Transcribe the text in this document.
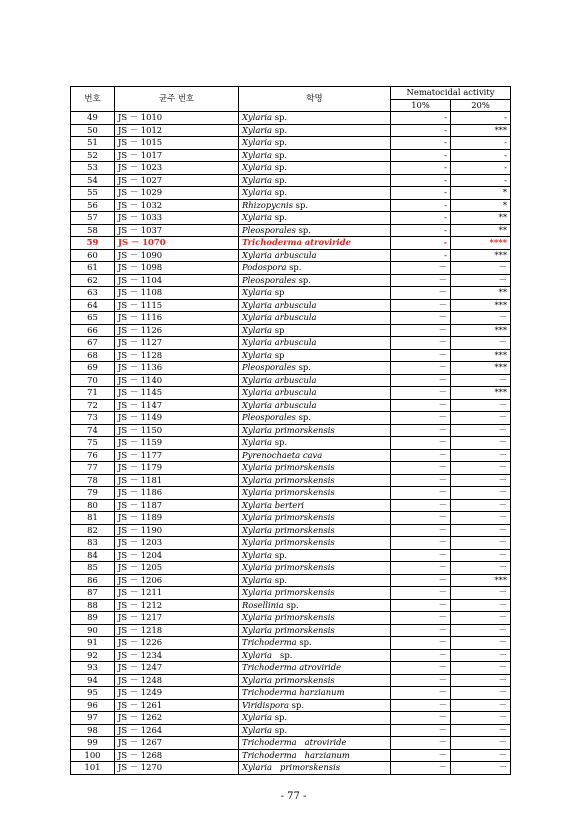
번호	균주 번호	학명	Nematocidal activity	
			10%	20%
49	JS － 1010	Xylaria sp.	-	-
50	JS － 1012	Xylaria sp.	-	***
51	JS － 1015	Xylaria sp.	-	-
52	JS － 1017	Xylaria sp.	-	-
53	JS － 1023	Xylaria sp.	-	-
54	JS － 1027	Xylaria sp.	-	-
55	JS － 1029	Xylaria sp.	-	*
56	JS － 1032	Rhizopycnis sp.	-	*
57	JS － 1033	Xylaria sp.	-	**
58	JS － 1037	Pleosporales sp.	-	**
59	JS － 1070	Trichoderma atroviride	-	****
60	JS － 1090	Xylaria arbuscula	-	***
61	JS － 1098	Podospora sp.	－	－
62	JS － 1104	Pleosporales sp.	－	－
63	JS － 1108	Xylaria sp	－	**
64	JS － 1115	Xylaria arbuscula	－	***
65	JS － 1116	Xylaria arbuscula	－	－
66	JS － 1126	Xylaria sp	－	***
67	JS － 1127	Xylaria arbuscula	－	－
68	JS － 1128	Xylaria sp	－	***
69	JS － 1136	Pleosporales sp.	－	***
70	JS － 1140	Xylaria arbuscula	－	－
71	JS － 1145	Xylaria arbuscula	－	***
72	JS － 1147	Xylaria arbuscula	－	－
73	JS － 1149	Pleosporales sp.	－	－
74	JS － 1150	Xylaria primorskensis	－	－
75	JS － 1159	Xylaria sp.	－	－
76	JS － 1177	Pyrenochaeta cava	－	－
77	JS － 1179	Xylaria primorskensis	－	－
78	JS － 1181	Xylaria primorskensis	－	－
79	JS － 1186	Xylaria primorskensis	－	－
80	JS － 1187	Xylaria berteri	－	－
81	JS － 1189	Xylaria primorskensis	－	－
82	JS － 1190	Xylaria primorskensis	－	－
83	JS － 1203	Xylaria primorskensis	－	－
84	JS － 1204	Xylaria sp.	－	－
85	JS － 1205	Xylaria primorskensis	－	－
86	JS － 1206	Xylaria sp.	－	***
87	JS － 1211	Xylaria primorskensis	－	－
88	JS － 1212	Rosellinia sp.	－	－
89	JS － 1217	Xylaria primorskensis	－	－
90	JS － 1218	Xylaria primorskensis	－	－
91	JS － 1226	Trichoderma sp.	－	－
92	JS － 1234	Xylaria   sp.	－	－
93	JS － 1247	Trichoderma atroviride	－	－
94	JS － 1248	Xylaria primorskensis	－	－
95	JS － 1249	Trichoderma harzianum	－	－
96	JS － 1261	Viridispora sp.	－	－
97	JS － 1262	Xylaria sp.	－	－
98	JS － 1264	Xylaria sp.	－	－
99	JS － 1267	Trichoderma   atroviride	－	－
100	JS － 1268	Trichoderma   harzianum	－	－
101	JS － 1270	Xylaria   primorskensis	－	－
- 77 -
